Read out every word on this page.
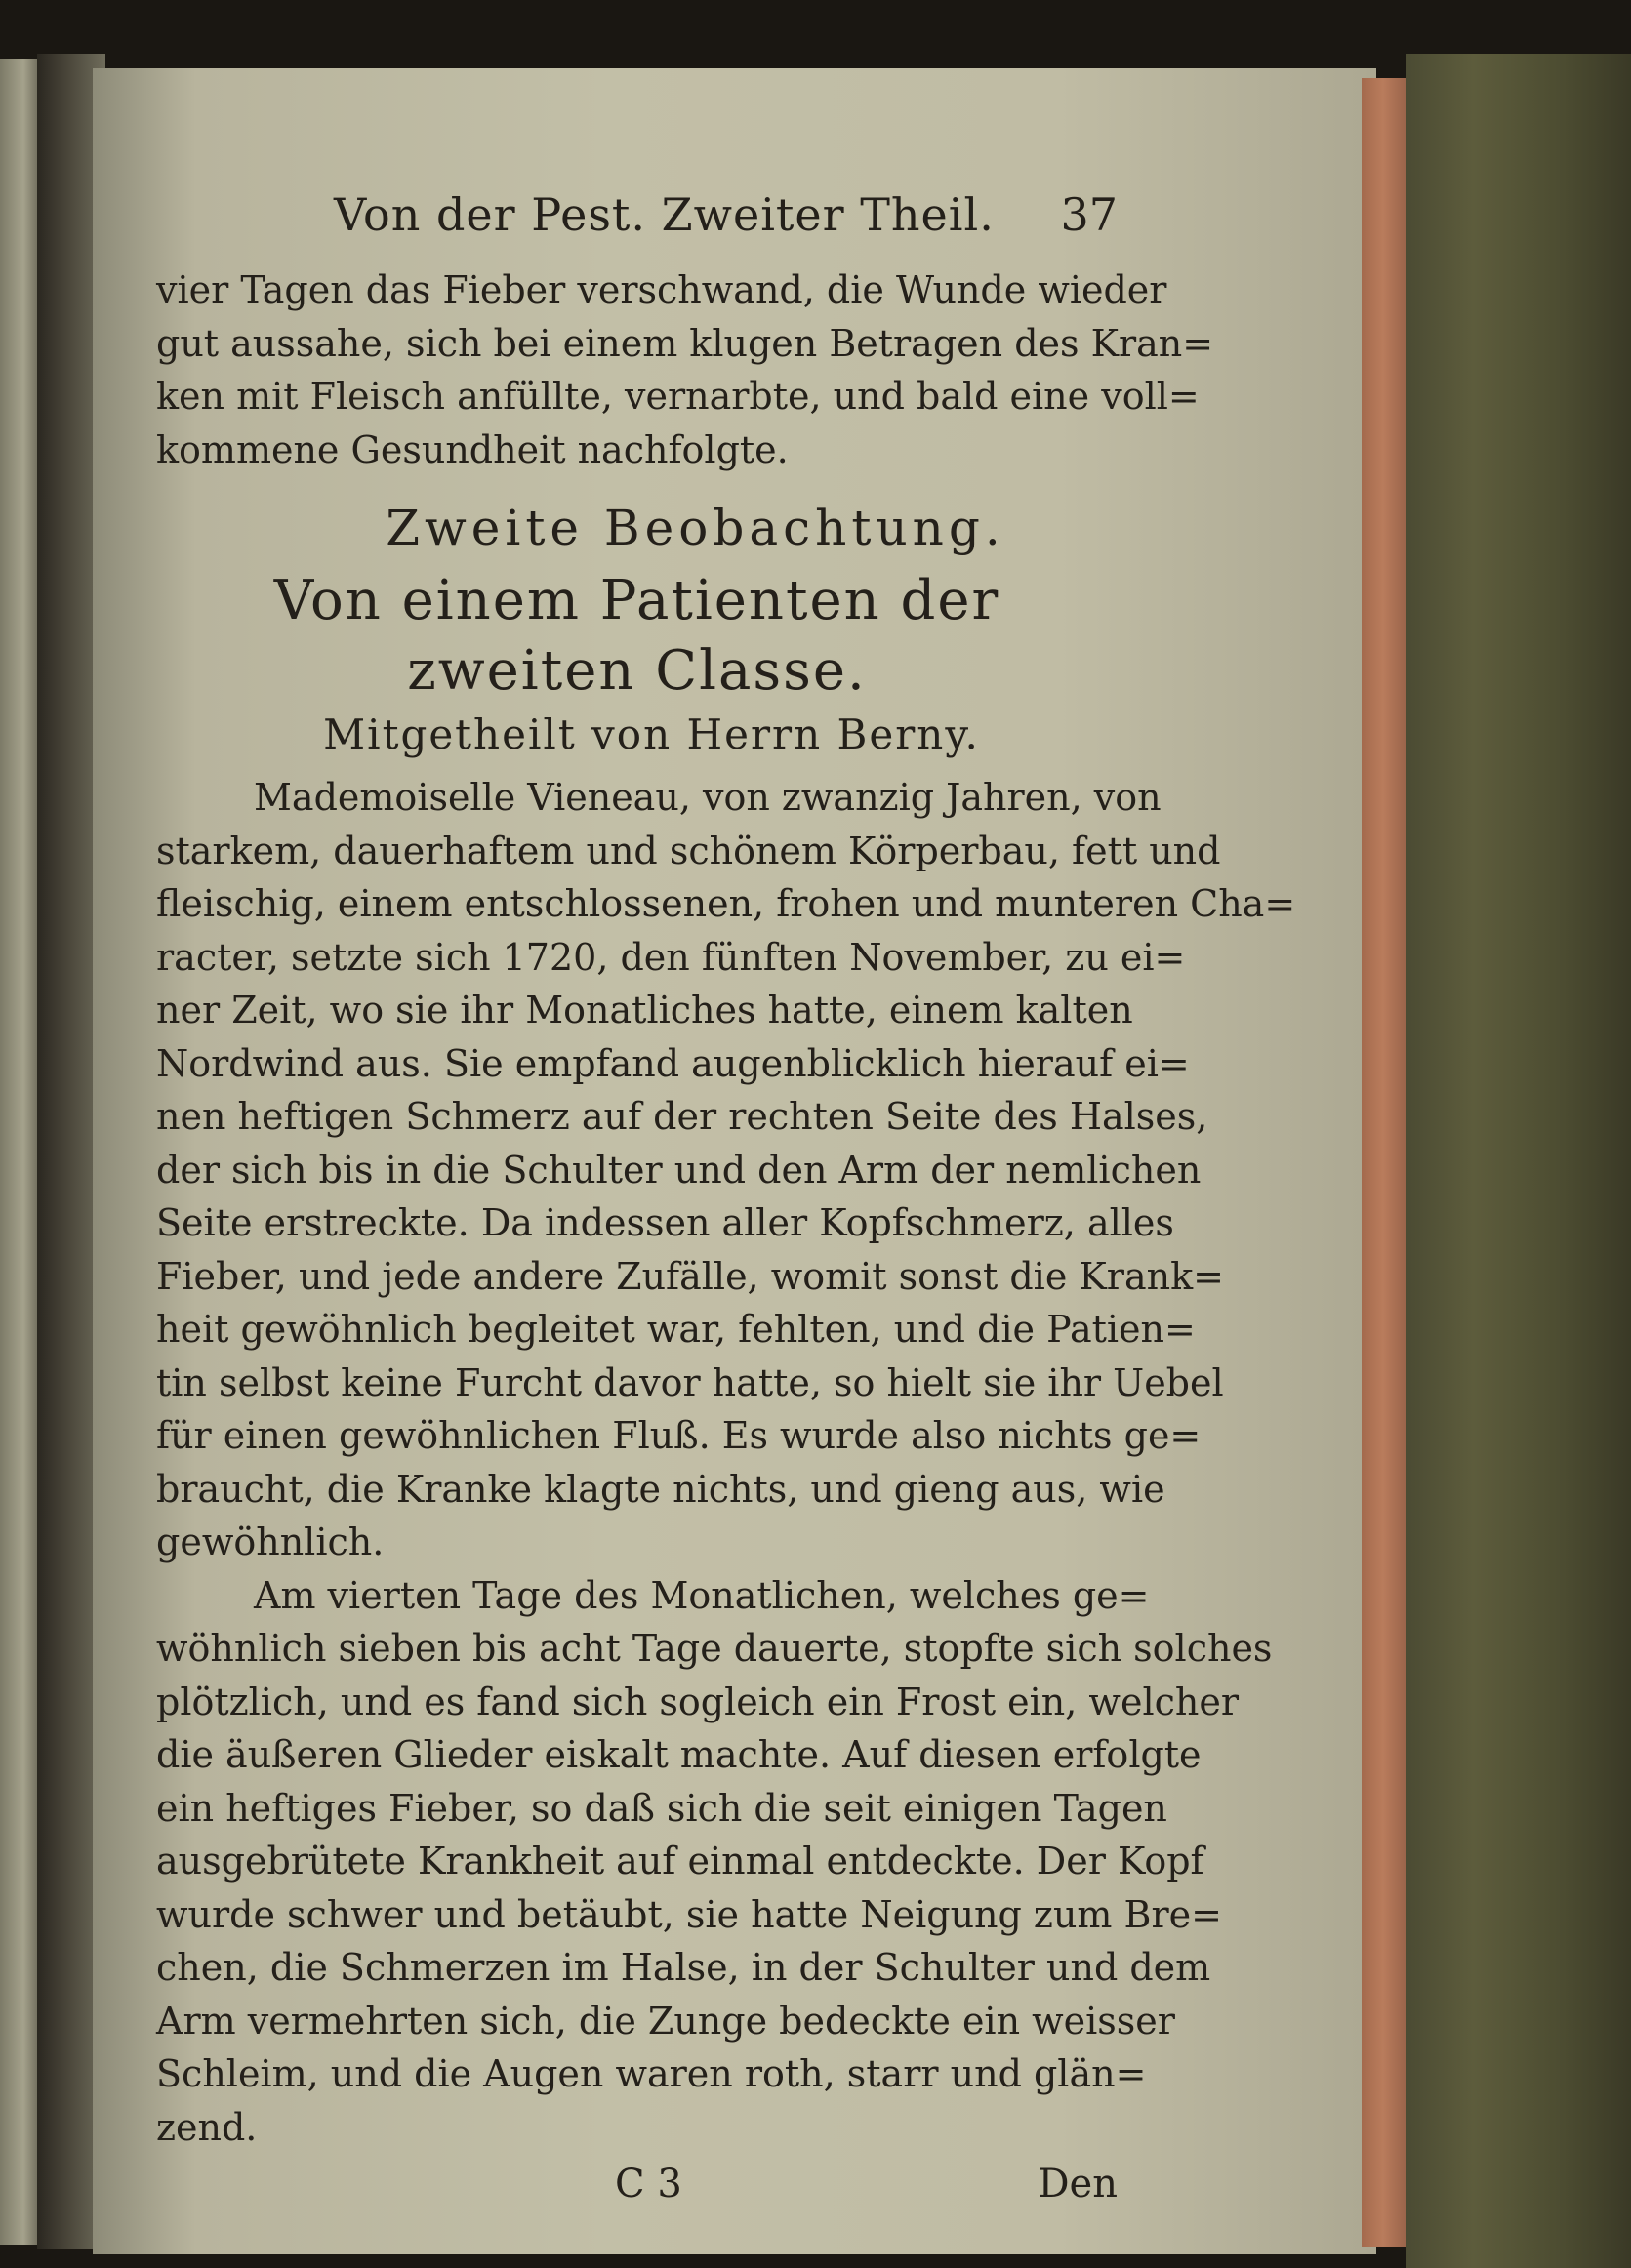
Von der Pest. Zweiter Theil. 37
vier Tagen das Fieber verschwand, die Wunde wieder
gut aussahe, sich bei einem klugen Betragen des Kran=
ken mit Fleisch anfüllte, vernarbte, und bald eine voll=
kommene Gesundheit nachfolgte.
Zweite Beobachtung.
Von einem Patienten der zweiten Classe.
Mitgetheilt von Herrn Berny.
Mademoiselle Vieneau, von zwanzig Jahren, von
starkem, dauerhaftem und schönem Körperbau, fett und
fleischig, einem entschlossenen, frohen und munteren Cha=
racter, setzte sich 1720, den fünften November, zu ei=
ner Zeit, wo sie ihr Monatliches hatte, einem kalten
Nordwind aus. Sie empfand augenblicklich hierauf ei=
nen heftigen Schmerz auf der rechten Seite des Halses,
der sich bis in die Schulter und den Arm der nemlichen
Seite erstreckte. Da indessen aller Kopfschmerz, alles
Fieber, und jede andere Zufälle, womit sonst die Krank=
heit gewöhnlich begleitet war, fehlten, und die Patien=
tin selbst keine Furcht davor hatte, so hielt sie ihr Uebel
für einen gewöhnlichen Fluß. Es wurde also nichts ge=
braucht, die Kranke klagte nichts, und gieng aus, wie
gewöhnlich.
Am vierten Tage des Monatlichen, welches ge=
wöhnlich sieben bis acht Tage dauerte, stopfte sich solches
plötzlich, und es fand sich sogleich ein Frost ein, welcher
die äußeren Glieder eiskalt machte. Auf diesen erfolgte
ein heftiges Fieber, so daß sich die seit einigen Tagen
ausgebrütete Krankheit auf einmal entdeckte. Der Kopf
wurde schwer und betäubt, sie hatte Neigung zum Bre=
chen, die Schmerzen im Halse, in der Schulter und dem
Arm vermehrten sich, die Zunge bedeckte ein weisser
Schleim, und die Augen waren roth, starr und glän=
zend.
C 3	Den
